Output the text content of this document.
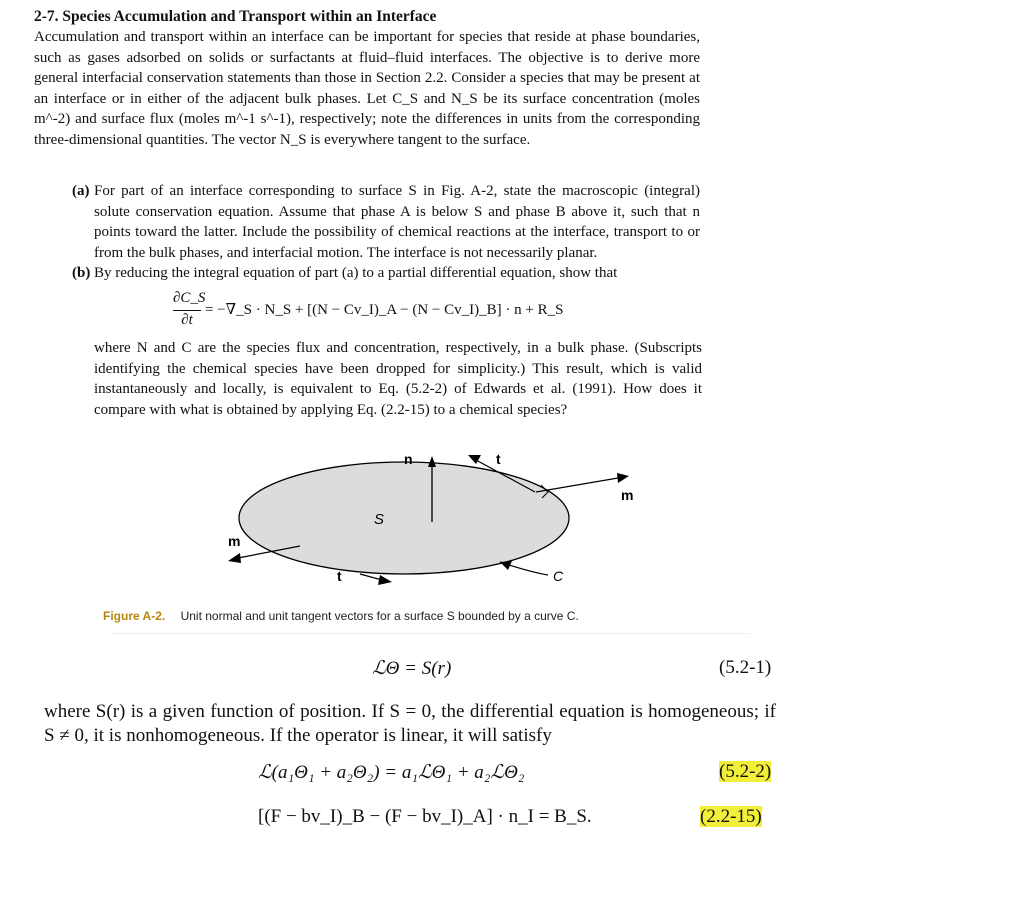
2-7. Species Accumulation and Transport within an Interface
Accumulation and transport within an interface can be important for species that reside at phase boundaries, such as gases adsorbed on solids or surfactants at fluid–fluid interfaces. The objective is to derive more general interfacial conservation statements than those in Section 2.2. Consider a species that may be present at an interface or in either of the adjacent bulk phases. Let C_S and N_S be its surface concentration (moles m^-2) and surface flux (moles m^-1 s^-1), respectively; note the differences in units from the corresponding three-dimensional quantities. The vector N_S is everywhere tangent to the surface.
(a) For part of an interface corresponding to surface S in Fig. A-2, state the macroscopic (integral) solute conservation equation. Assume that phase A is below S and phase B above it, such that n points toward the latter. Include the possibility of chemical reactions at the interface, transport to or from the bulk phases, and interfacial motion. The interface is not necessarily planar.
(b) By reducing the integral equation of part (a) to a partial differential equation, show that
∂C_S
∂t
= −∇_S · N_S + [(N − Cv_I)_A − (N − Cv_I)_B] · n + R_S
where N and C are the species flux and concentration, respectively, in a bulk phase. (Subscripts identifying the chemical species have been dropped for simplicity.) This result, which is valid instantaneously and locally, is equivalent to Eq. (5.2-2) of Edwards et al. (1991). How does it compare with what is obtained by applying Eq. (2.2-15) to a chemical species?
n	t
m
S
m
t	C
Figure A-2. Unit normal and unit tangent vectors for a surface S bounded by a curve C.
ℒΘ = S(r)	(5.2-1)
where S(r) is a given function of position. If S = 0, the differential equation is homogeneous; if S ≠ 0, it is nonhomogeneous. If the operator is linear, it will satisfy
ℒ(a₁Θ₁ + a₂Θ₂) = a₁ℒΘ₁ + a₂ℒΘ₂	(5.2-2)
[(F − bv_I)_B − (F − bv_I)_A] · n_I = B_S.	(2.2-15)
